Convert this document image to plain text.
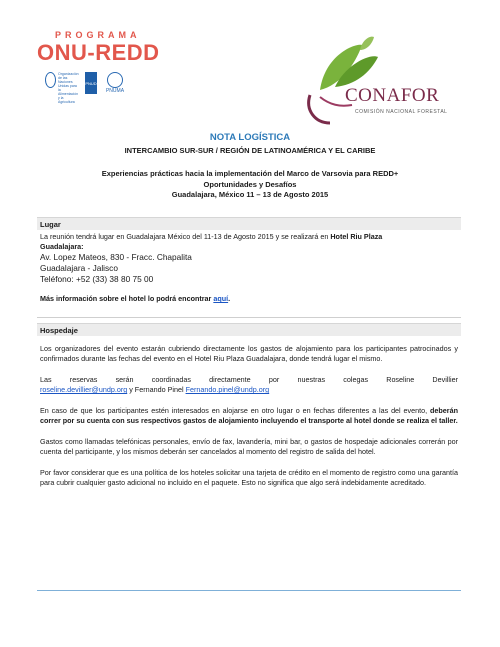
PROGRAMA
ONU-REDD
Organización de las Naciones Unidas para la Alimentación y la Agricultura
PNUD
PNUMA	CONAFOR
COMISIÓN NACIONAL FORESTAL
NOTA LOGÍSTICA
INTERCAMBIO SUR-SUR / REGIÓN DE LATINOAMÉRICA Y EL CARIBE
Experiencias prácticas hacia la implementación del Marco de Varsovia para REDD+
Oportunidades y Desafíos
Guadalajara, México 11 – 13 de Agosto 2015
Lugar
La reunión tendrá lugar en Guadalajara México del 11-13 de Agosto 2015 y se realizará en Hotel Riu Plaza
Guadalajara:
Av. Lopez Mateos, 830 - Fracc. Chapalita
Guadalajara - Jalisco
Teléfono: +52 (33) 38 80 75 00
Más información sobre el hotel lo podrá encontrar aquí.
Hospedaje
Los organizadores del evento estarán cubriendo directamente los gastos de alojamiento para los participantes patrocinados y confirmados durante las fechas del evento en el Hotel Riu Plaza Guadalajara, donde tendrá lugar el mismo.
Las reservas serán coordinadas directamente por nuestras colegas Roseline Devillier
roseline.devillier@undp.org y Fernando Pinel Fernando.pinel@undp.org
En caso de que los participantes estén interesados en alojarse en otro lugar o en fechas diferentes a las del evento, deberán correr por su cuenta con sus respectivos gastos de alojamiento incluyendo el transporte al hotel donde se realiza el taller.
Gastos como llamadas telefónicas personales, envío de fax, lavandería, mini bar, o gastos de hospedaje adicionales correrán por cuenta del participante, y los mismos deberán ser cancelados al momento del registro de salida del hotel.
Por favor considerar que es una política de los hoteles solicitar una tarjeta de crédito en el momento de registro como una garantía para cubrir cualquier gasto adicional no incluido en el paquete. Esto no significa que algo será indebidamente acreditado.
